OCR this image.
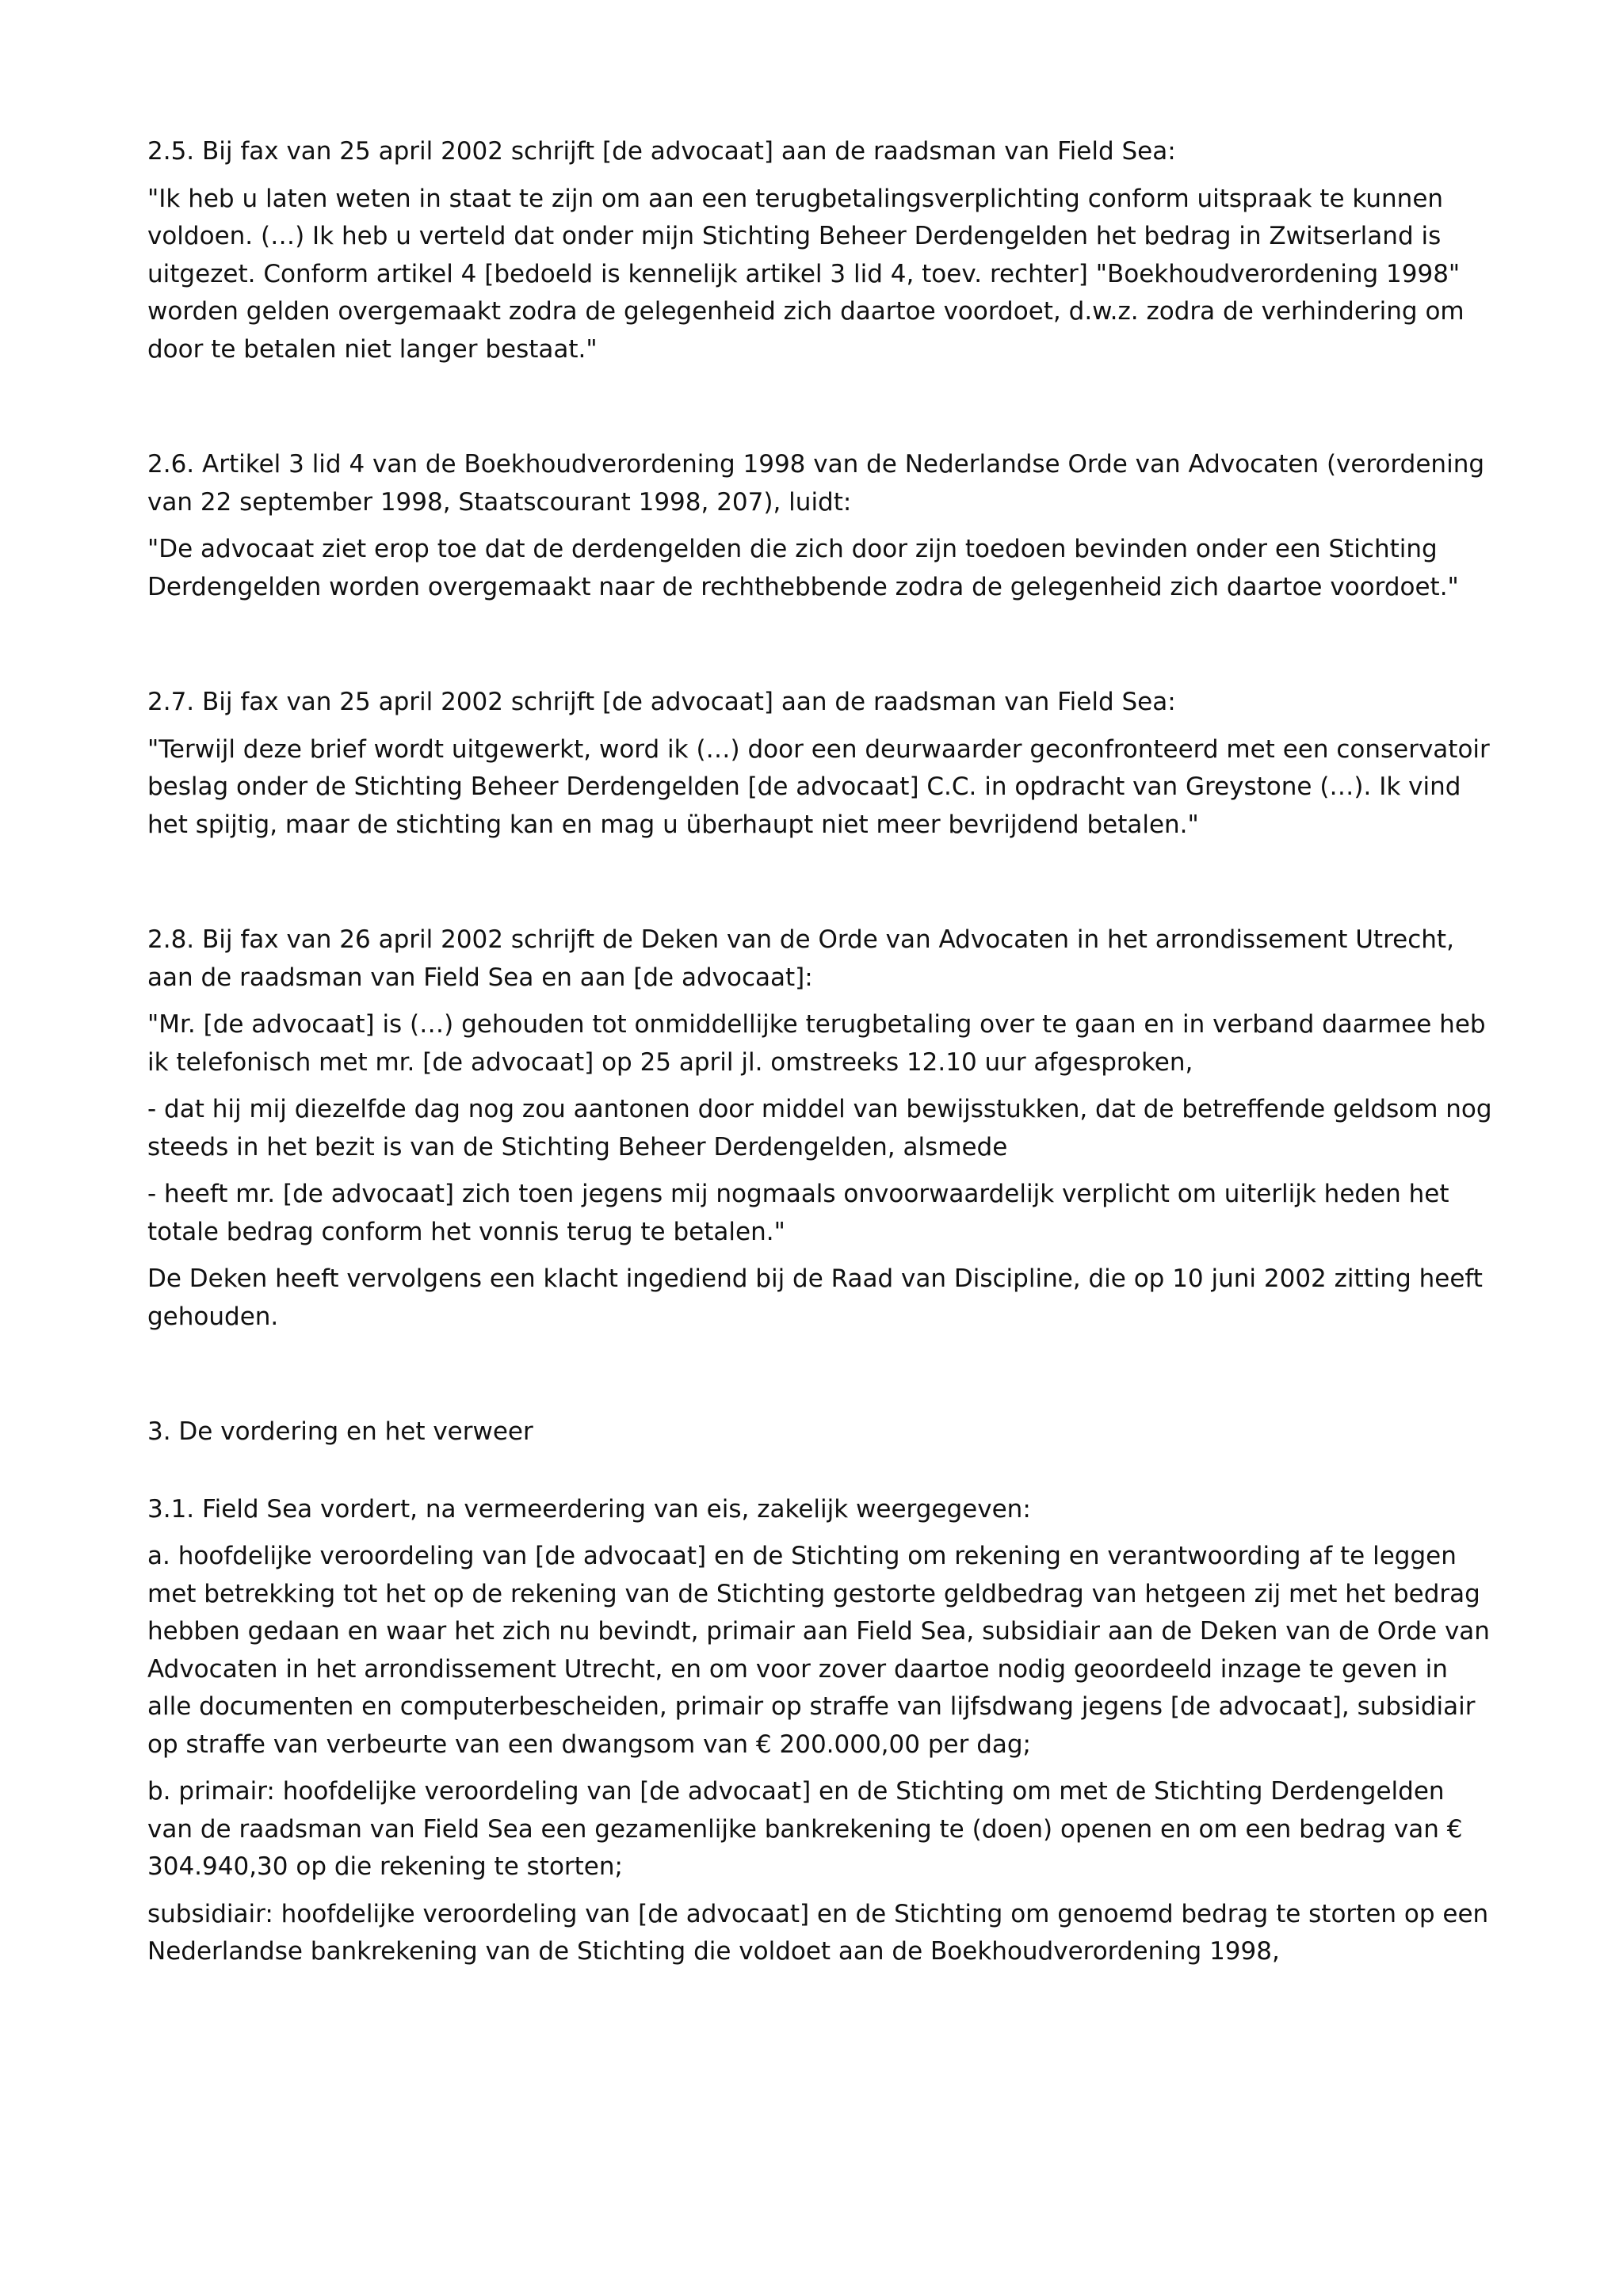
2.5. Bij fax van 25 april 2002 schrijft [de advocaat] aan de raadsman van Field Sea:

"Ik heb u laten weten in staat te zijn om aan een terugbetalingsverplichting conform uitspraak te kunnen voldoen. (…) Ik heb u verteld dat onder mijn Stichting Beheer Derdengelden het bedrag in Zwitserland is uitgezet. Conform artikel 4 [bedoeld is kennelijk artikel 3 lid 4, toev. rechter] "Boekhoudverordening 1998" worden gelden overgemaakt zodra de gelegenheid zich daartoe voordoet, d.w.z. zodra de verhindering om door te betalen niet langer bestaat."

2.6. Artikel 3 lid 4 van de Boekhoudverordening 1998 van de Nederlandse Orde van Advocaten (verordening van 22 september 1998, Staatscourant 1998, 207), luidt:

"De advocaat ziet erop toe dat de derdengelden die zich door zijn toedoen bevinden onder een Stichting Derdengelden worden overgemaakt naar de rechthebbende zodra de gelegenheid zich daartoe voordoet."

2.7. Bij fax van 25 april 2002 schrijft [de advocaat] aan de raadsman van Field Sea:

"Terwijl deze brief wordt uitgewerkt, word ik (…) door een deurwaarder geconfronteerd met een conservatoir beslag onder de Stichting Beheer Derdengelden [de advocaat] C.C. in opdracht van Greystone (…). Ik vind het spijtig, maar de stichting kan en mag u überhaupt niet meer bevrijdend betalen."

2.8. Bij fax van 26 april 2002 schrijft de Deken van de Orde van Advocaten in het arrondissement Utrecht, aan de raadsman van Field Sea en aan [de advocaat]:

"Mr. [de advocaat] is (…) gehouden tot onmiddellijke terugbetaling over te gaan en in verband daarmee heb ik telefonisch met mr. [de advocaat] op 25 april jl. omstreeks 12.10 uur afgesproken,

- dat hij mij diezelfde dag nog zou aantonen door middel van bewijsstukken, dat de betreffende geldsom nog steeds in het bezit is van de Stichting Beheer Derdengelden, alsmede

- heeft mr. [de advocaat] zich toen jegens mij nogmaals onvoorwaardelijk verplicht om uiterlijk heden het totale bedrag conform het vonnis terug te betalen."

De Deken heeft vervolgens een klacht ingediend bij de Raad van Discipline, die op 10 juni 2002 zitting heeft gehouden.

3. De vordering en het verweer

3.1. Field Sea vordert, na vermeerdering van eis, zakelijk weergegeven:

a. hoofdelijke veroordeling van [de advocaat] en de Stichting om rekening en verantwoording af te leggen met betrekking tot het op de rekening van de Stichting gestorte geldbedrag van hetgeen zij met het bedrag hebben gedaan en waar het zich nu bevindt, primair aan Field Sea, subsidiair aan de Deken van de Orde van Advocaten in het arrondissement Utrecht, en om voor zover daartoe nodig geoordeeld inzage te geven in alle documenten en computerbescheiden, primair op straffe van lijfsdwang jegens [de advocaat], subsidiair op straffe van verbeurte van een dwangsom van € 200.000,00 per dag;

b. primair: hoofdelijke veroordeling van [de advocaat] en de Stichting om met de Stichting Derdengelden van de raadsman van Field Sea een gezamenlijke bankrekening te (doen) openen en om een bedrag van € 304.940,30 op die rekening te storten;

subsidiair: hoofdelijke veroordeling van [de advocaat] en de Stichting om genoemd bedrag te storten op een Nederlandse bankrekening van de Stichting die voldoet aan de Boekhoudverordening 1998,
